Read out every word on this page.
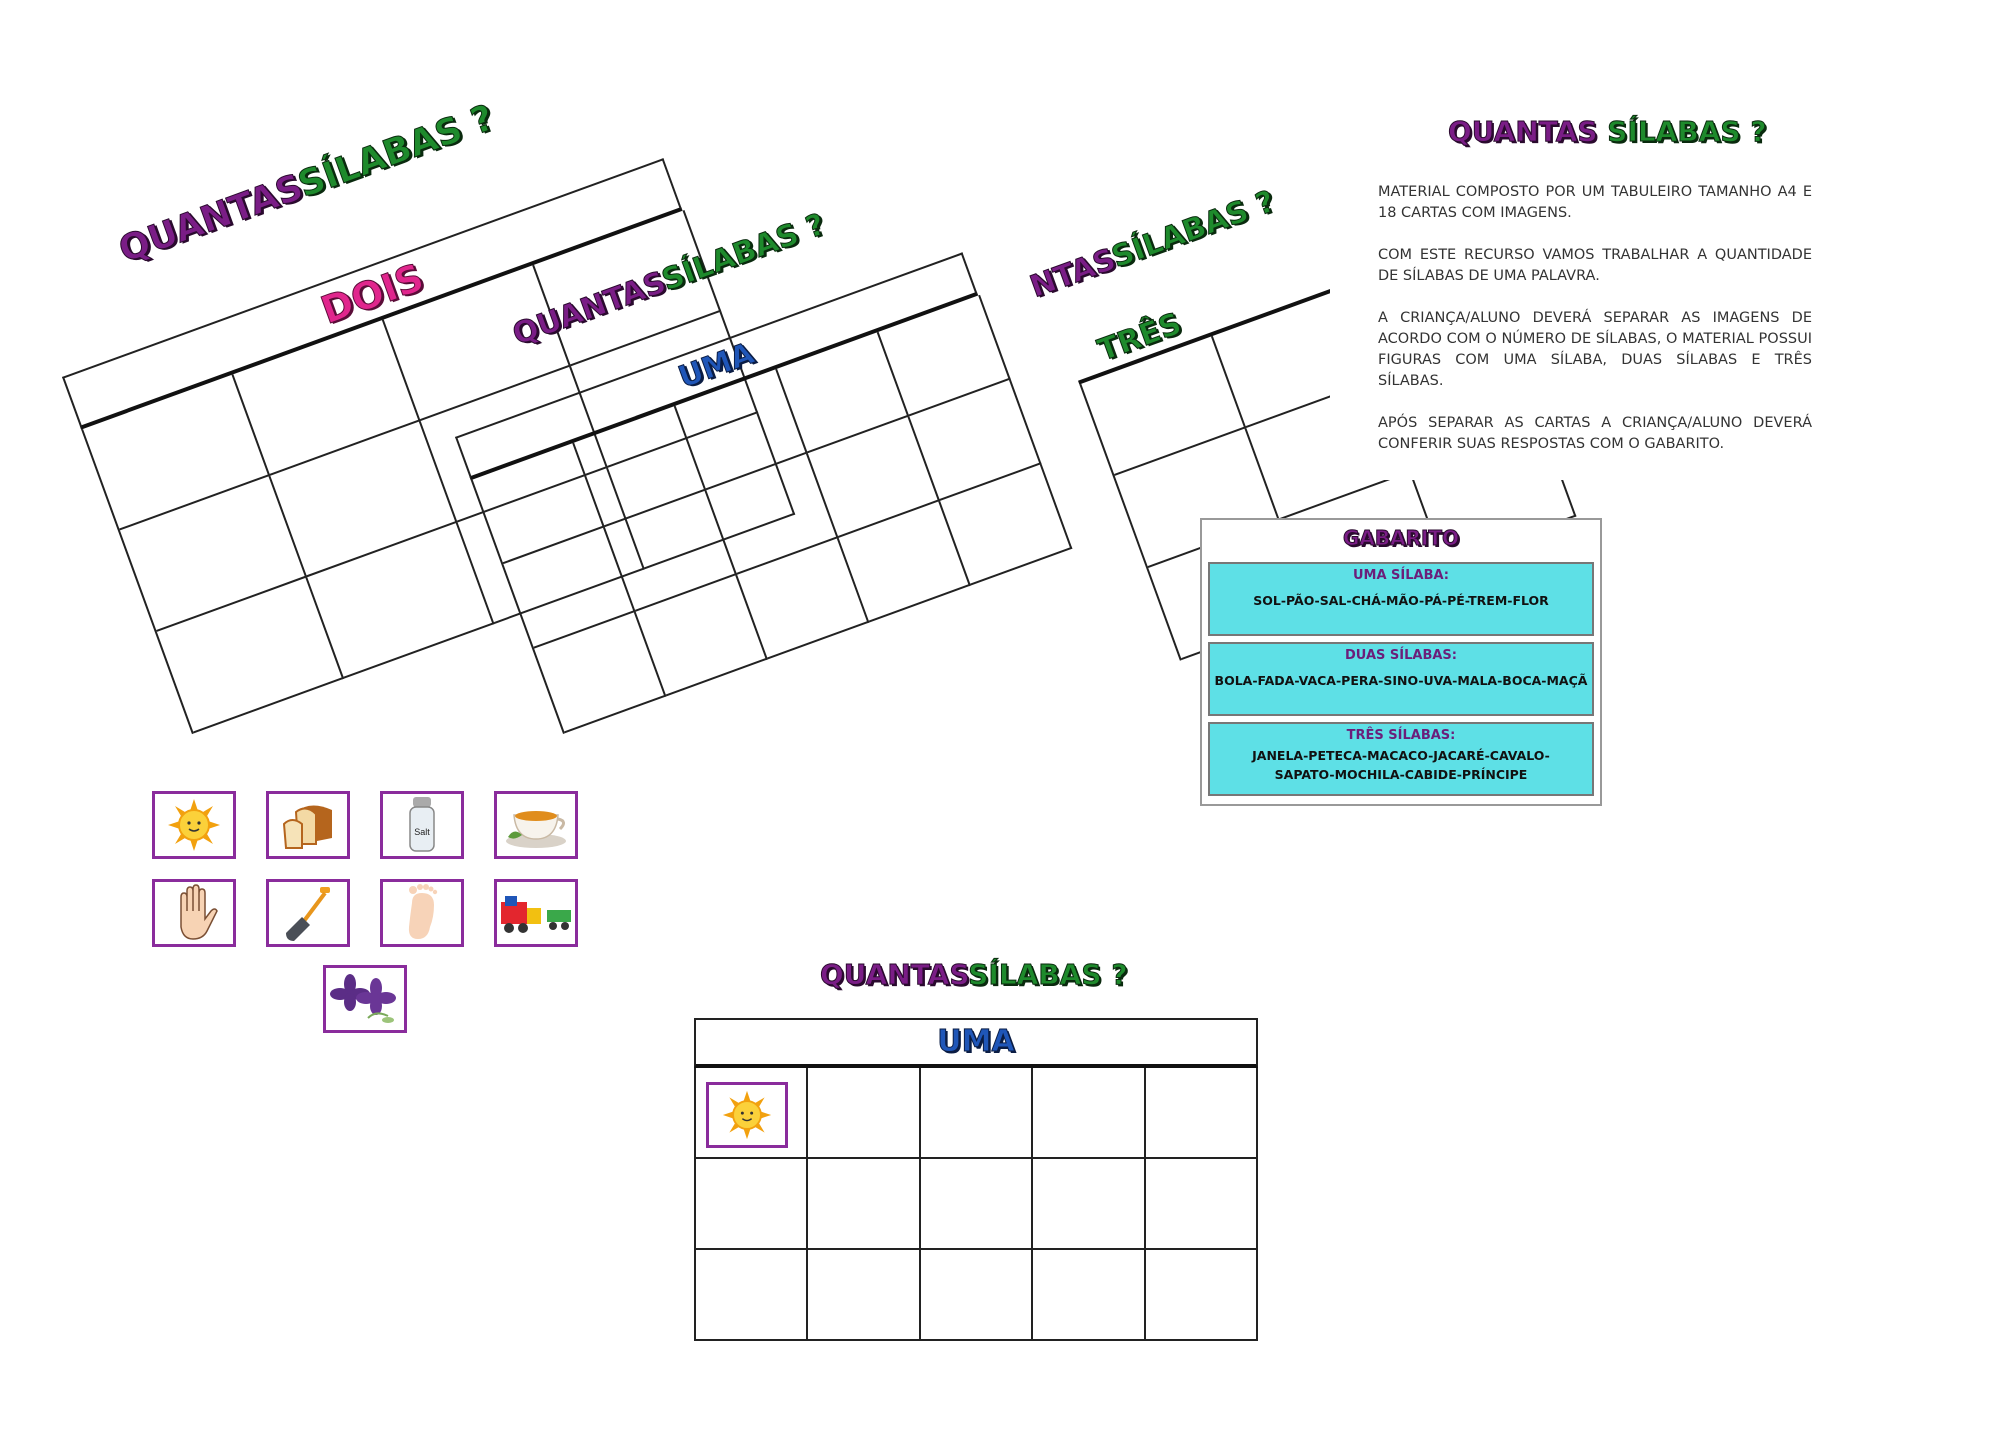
QUANTASSÍLABAS ?
DOIS	QUANTASSÍLABAS ?
UMA
NTASSÍLABAS ?
TRÊS
QUANTAS SÍLABAS ?

MATERIAL COMPOSTO POR UM TABULEIRO TAMANHO A4 E 18 CARTAS COM IMAGENS.

COM ESTE RECURSO VAMOS TRABALHAR A QUANTIDADE DE SÍLABAS DE UMA PALAVRA.

A CRIANÇA/ALUNO DEVERÁ SEPARAR AS IMAGENS DE ACORDO COM O NÚMERO DE SÍLABAS, O MATERIAL POSSUI FIGURAS COM UMA SÍLABA, DUAS SÍLABAS E TRÊS SÍLABAS.

APÓS SEPARAR AS CARTAS A CRIANÇA/ALUNO DEVERÁ CONFERIR SUAS RESPOSTAS COM O GABARITO.

GABARITO
UMA SÍLABA:
SOL-PÃO-SAL-CHÁ-MÃO-PÁ-PÉ-TREM-FLOR
DUAS SÍLABAS:
BOLA-FADA-VACA-PERA-SINO-UVA-MALA-BOCA-MAÇÃ
TRÊS SÍLABAS:
JANELA-PETECA-MACACO-JACARÉ-CAVALO-SAPATO-MOCHILA-CABIDE-PRÍNCIPE
Salt
QUANTASSÍLABAS ?
UMA
